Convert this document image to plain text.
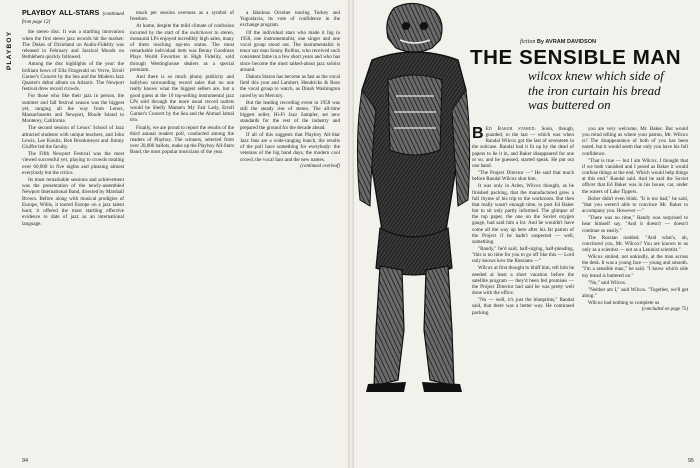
PLAYBOY
PLAYBOY ALL-STARS (continued from page 12)

the stereo disc. It was a startling innovation when the first stereo jazz records hit the market: The Dukes of Dixieland on Audio-Fidelity was released in February and Jazzical Moods on Bethlehem quickly followed.

Among the disc highlights of the year: the brilliant bows of Ella Fitzgerald on Verve, Erroll Garner's Concert by the Sea and the Modern Jazz Quartet's debut album on Atlantic. The Newport festival drew record crowds.

For those who like their jazz in person, the summer and fall festival season was the biggest yet, ranging all the way from Lenox, Massachusetts and Newport, Rhode Island to Monterey, California.

The second session of Lenox' School of Jazz attracted students with unique teachers, and John Lewis, Lee Konitz, Bob Brookmeyer and Jimmy Giuffre led the faculty.

The Fifth Newport Festival was the most viewed successful yet, playing to crowds totaling over 60,000 in five nights and pleasing almost everybody but the critics.

Its most remarkable sessions and achievement was the presentation of the newly-assembled Newport International Band, directed by Marshall Brown. Before along with musical prodigies of Europe, Willis, it toured Europe on a jazz talent hunt; it offered the most startling effective evidence to date of jazz as an international language.

much per session overseas as a symbol of freedom.

At home, despite the mild climate of confusion incurred by the start of the switchover to stereo, monaural LPs enjoyed incredibly high sales, many of them reaching top-ten status. The most remarkable individual item was Benny Goodman Plays World Favorites in High Fidelity, sold through Westinghouse dealers as a special premium.

And there is so much phony publicity and ballyhoo surrounding record sales that no one really knows what the biggest sellers are, but a good guess at the 10 top-selling instrumental jazz LPs sold through the more usual record outlets would be Shelly Manne's My Fair Lady, Erroll Garner's Concert by the Sea and the Ahmad Jamal trio.

Finally, we are proud to report the results of the third annual readers poll, conducted among the readers of Playboy. The winners, selected from over 20,000 ballots, make up the Playboy All-Stars Band, the most popular musicians of the year.

a fabulous October touring Turkey and Yugoslavia, its vote of confidence in the exchange program.

Of the individual stars who made it big in 1958, one instrumentalist, one singer and one vocal group stood out. The instrumentalist is tenor sax man Sonny Rollins, who received such consistent fame in a few short years and who has since become the most talked-about jazz soloist around.

Dakota Staton has become as fast as the vocal field this year and Lambert, Hendricks & Ross the vocal group to watch, as Dinah Washington raced by on Mercury.

But the leading recording event in 1958 was still the steady rise of stereo. The all-time biggest seller, Hi-Fi Jazz Sampler, set new standards for the rest of the industry and prepared the ground for the decade ahead.

If all of this suggests that Playboy All-Star Jazz fans are a wide-ranging bunch, the results of the poll have something for everybody: the veterans of the big band days, the modern cool crowd, the vocal fans and the new names.

(continued overleaf)

94
fiction By AVRAM DAVIDSON
THE SENSIBLE MAN
wilcox knew which side of the iron curtain his bread was buttered on

B Ed Baker stared. Soon, though, guarded, to the last — which was when Randal Wilcox got the last of seventeen in the suitcase. Randal had it lit up by the dead of papers to lie it in, and Baker disappeared for one or so, and he guessed, started speak. He put out one hand.

"The Project Director —" He said that much before Randal Wilcox shut him.

It was only in Arlen, Wilcox thought, as he finished packing, that the manufactured grew a full rhyme of his trip to the workroom. But then that really wasn't enough time, to post Ed Baker but to sit only partly informed. The glimpse of the top paper, the one on the Soviet oxygen gauge, had said him a lot. And he wouldn't have come all the way up here after his fat patron of the Project if he hadn't suspected — well, something.

"Randy," he'd said, half-urging, half-pleading, "this is no time for you to go off like this — Lord only knows how the Russians —"

Wilcox at first thought to bluff him, tell him he needed at least a short vacation before the satellite program — they'd been fed promises — the Project Director had said he was pretty well done with the office.

"No — well, it's just the blueprints," Randal said, that there was a better way. He continued packing.

you are very welcome, Mr. Baker. But would you mind telling us where your patron, Mr. Wilcox is? The disappearance of both of you has been noted, but it would seem that only you have his full confidence.

"That is true — but I am Wilcox. I thought that if we both vanished and I posed as Baker it would confuse things at the end. Which would help things at this end." Randal said. And he said the Soviet officer that Ed Baker was in his house, car, under the waters of Lake Tippers.

Bober didn't even blink. "It is too bad," he said, "that you weren't able to convince Mr. Baker to accompany you. However —"

"There was no time," Randy was surprised to hear himself say. "And it doesn't — doesn't continue so easily."

The Russian nodded. "And what's, uh, convinced you, Mr. Wilcox? You are known to us only as a scientist — not as a Leninist scientist."

Wilcox smiled, not unkindly, at the man across the desk. It was a young face — young and smooth. "I'm a sensible man," he said. "I know which side my bread is buttered on."

"No," said Wilcox.

"Neither am I," said Wilcox. "Together, we'll get along."

Wilcox had nothing to complete us

(concluded on page 75)

95
